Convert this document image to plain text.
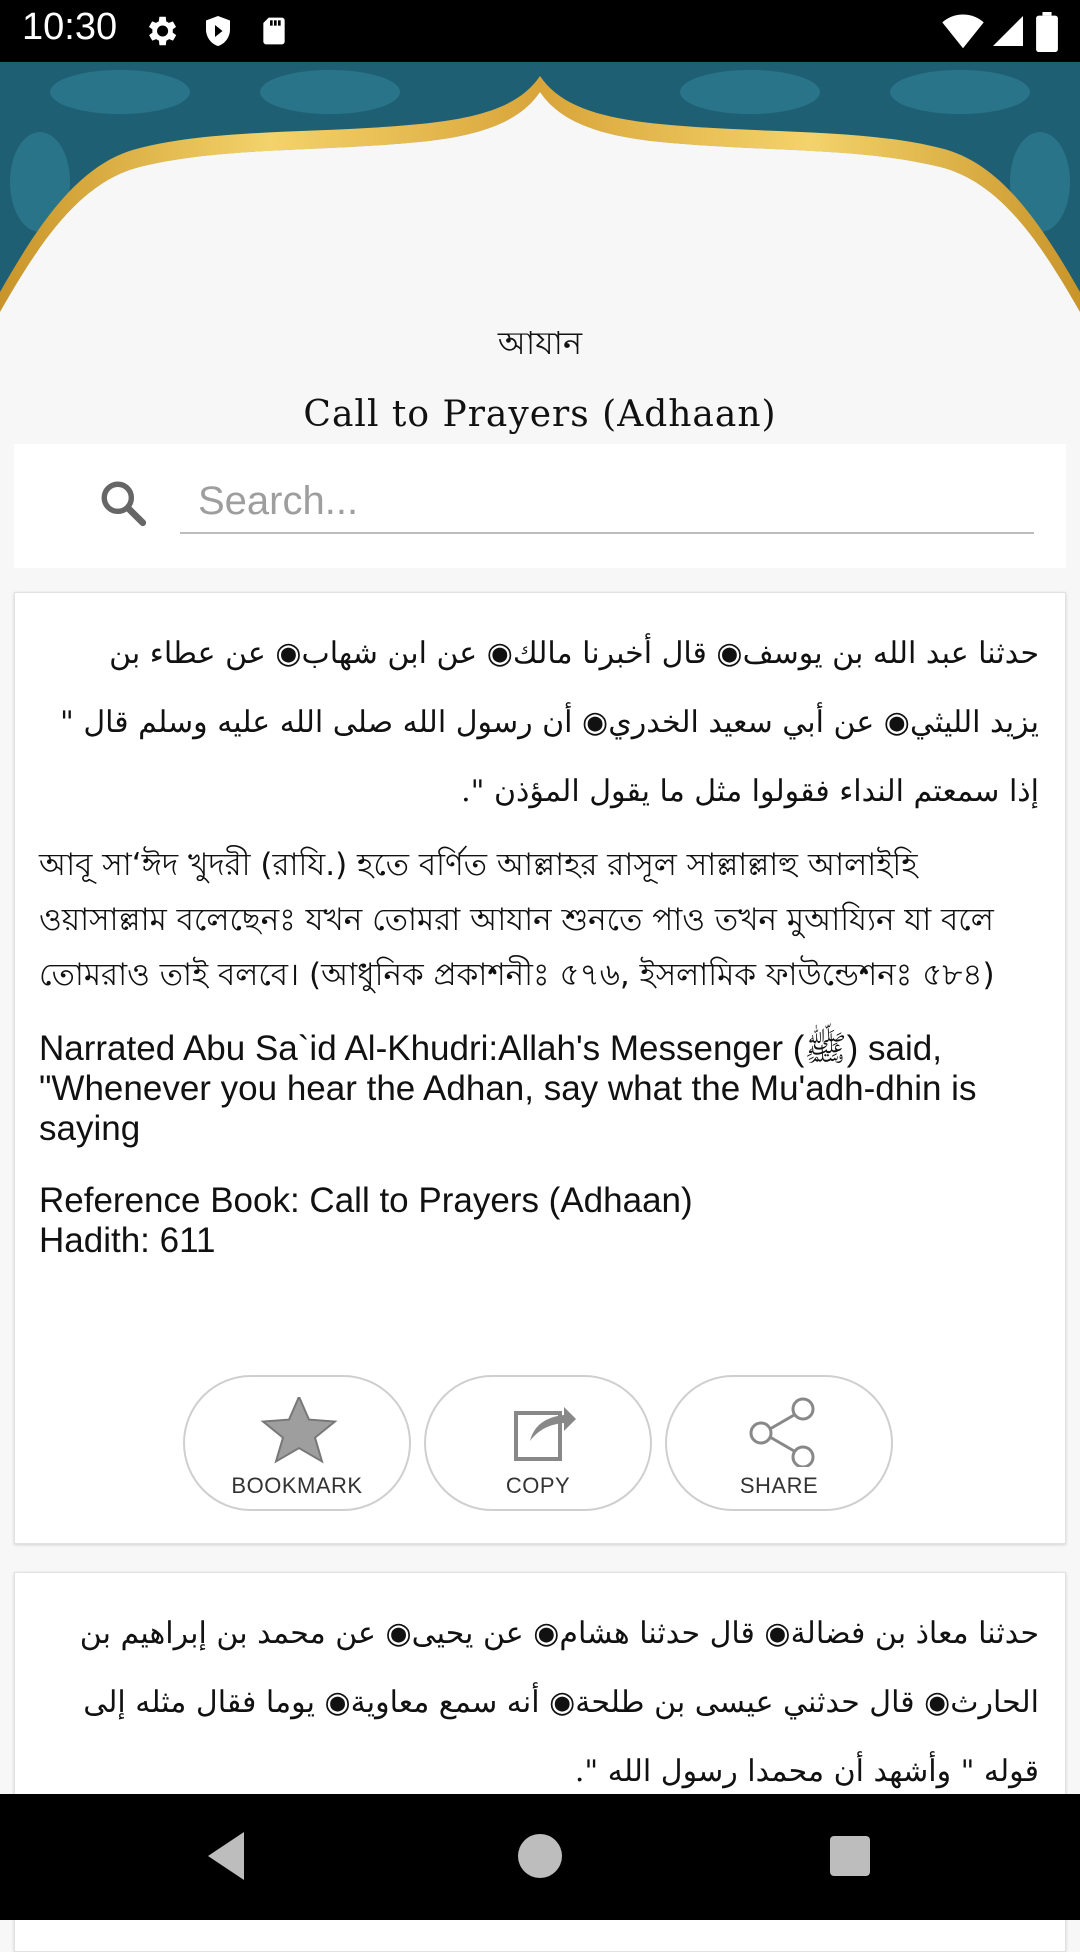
10:30
আযান
Call to Prayers (Adhaan)
Search...
حدثنا عبد الله بن يوسف◉ قال أخبرنا مالك◉ عن ابن شهاب◉ عن عطاء بن يزيد الليثي◉ عن أبي سعيد الخدري◉ أن رسول الله صلى الله عليه وسلم قال " إذا سمعتم النداء فقولوا مثل ما يقول المؤذن ".
আবূ সা‘ঈদ খুদরী (রাযি.) হতে বর্ণিত আল্লাহর রাসূল সাল্লাল্লাহু আলাইহি ওয়াসাল্লাম বলেছেনঃ যখন তোমরা আযান শুনতে পাও তখন মুআয্যিন যা বলে তোমরাও তাই বলবে। (আধুনিক প্রকাশনীঃ ৫৭৬, ইসলামিক ফাউন্ডেশনঃ ৫৮৪)
Narrated Abu Sa`id Al-Khudri:Allah's Messenger (ﷺ) said, "Whenever you hear the Adhan, say what the Mu'adh-dhin is saying
Reference Book: Call to Prayers (Adhaan)
Hadith: 611
BOOKMARK	COPY	SHARE
حدثنا معاذ بن فضالة◉ قال حدثنا هشام◉ عن يحيى◉ عن محمد بن إبراهيم بن الحارث◉ قال حدثني عيسى بن طلحة◉ أنه سمع معاوية◉ يوما فقال مثله إلى قوله " وأشهد أن محمدا رسول الله ".
